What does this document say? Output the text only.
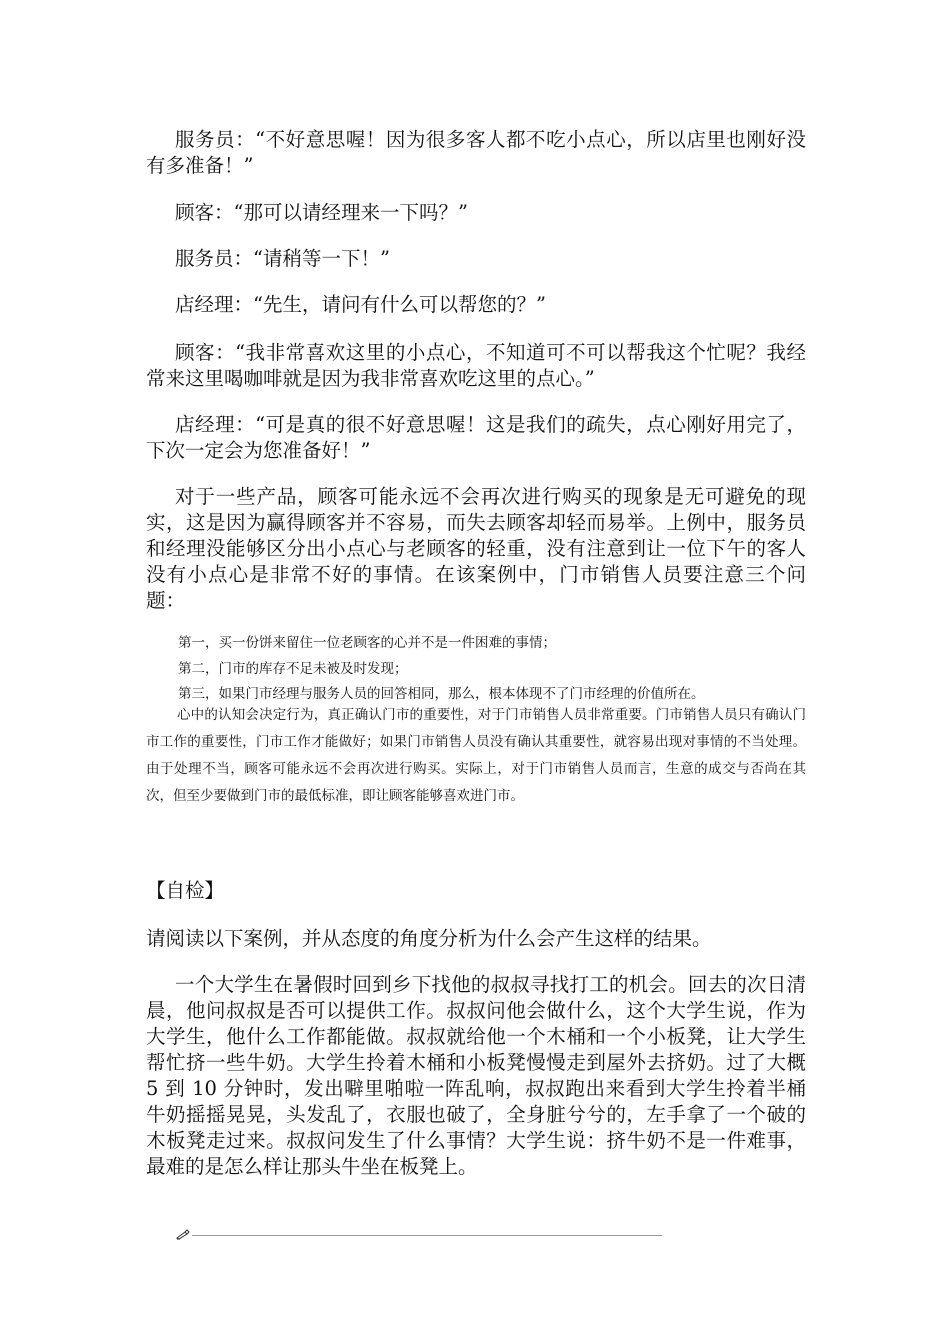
服务员：“不好意思喔！因为很多客人都不吃小点心，所以店里也刚好没有多准备！”

顾客：“那可以请经理来一下吗？”

服务员：“请稍等一下！”

店经理：“先生，请问有什么可以帮您的？”

顾客：“我非常喜欢这里的小点心，不知道可不可以帮我这个忙呢？我经常来这里喝咖啡就是因为我非常喜欢吃这里的点心。”

店经理：“可是真的很不好意思喔！这是我们的疏失，点心刚好用完了，下次一定会为您准备好！”

对于一些产品，顾客可能永远不会再次进行购买的现象是无可避免的现实，这是因为赢得顾客并不容易，而失去顾客却轻而易举。上例中，服务员和经理没能够区分出小点心与老顾客的轻重，没有注意到让一位下午的客人没有小点心是非常不好的事情。在该案例中，门市销售人员要注意三个问题：

第一，买一份饼来留住一位老顾客的心并不是一件困难的事情；

第二，门市的库存不足未被及时发现；

第三，如果门市经理与服务人员的回答相同，那么，根本体现不了门市经理的价值所在。

心中的认知会决定行为，真正确认门市的重要性，对于门市销售人员非常重要。门市销售人员只有确认门市工作的重要性，门市工作才能做好；如果门市销售人员没有确认其重要性，就容易出现对事情的不当处理。由于处理不当，顾客可能永远不会再次进行购买。实际上，对于门市销售人员而言，生意的成交与否尚在其次，但至少要做到门市的最低标准，即让顾客能够喜欢进门市。

【自检】

请阅读以下案例，并从态度的角度分析为什么会产生这样的结果。

一个大学生在暑假时回到乡下找他的叔叔寻找打工的机会。回去的次日清晨，他问叔叔是否可以提供工作。叔叔问他会做什么，这个大学生说，作为大学生，他什么工作都能做。叔叔就给他一个木桶和一个小板凳，让大学生帮忙挤一些牛奶。大学生拎着木桶和小板凳慢慢走到屋外去挤奶。过了大概 5 到 10 分钟时，发出噼里啪啦一阵乱响，叔叔跑出来看到大学生拎着半桶牛奶摇摇晃晃，头发乱了，衣服也破了，全身脏兮兮的，左手拿了一个破的木板凳走过来。叔叔问发生了什么事情？大学生说：挤牛奶不是一件难事，最难的是怎么样让那头牛坐在板凳上。
